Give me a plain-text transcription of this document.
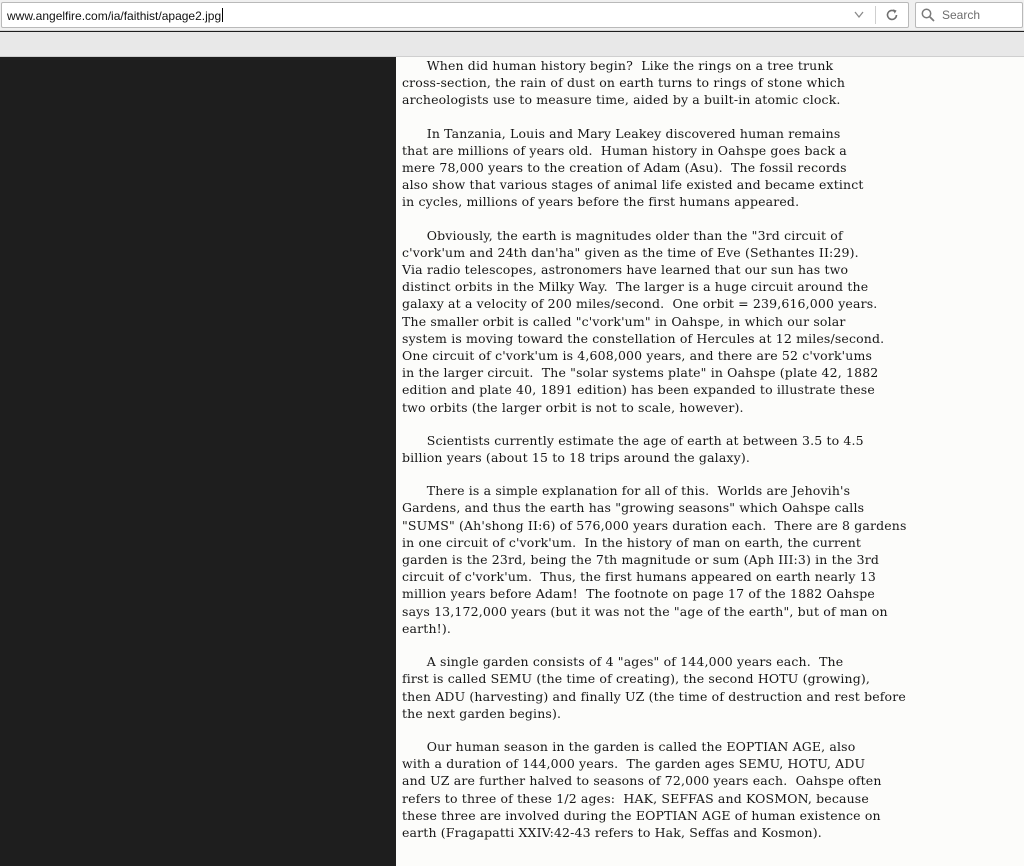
www.angelfire.com/ia/faithist/apage2.jpg	Search
When did human history begin?  Like the rings on a tree trunk
cross-section, the rain of dust on earth turns to rings of stone which
archeologists use to measure time, aided by a built-in atomic clock.
In Tanzania, Louis and Mary Leakey discovered human remains
that are millions of years old.  Human history in Oahspe goes back a
mere 78,000 years to the creation of Adam (Asu).  The fossil records
also show that various stages of animal life existed and became extinct
in cycles, millions of years before the first humans appeared.
Obviously, the earth is magnitudes older than the "3rd circuit of
c'vork'um and 24th dan'ha" given as the time of Eve (Sethantes II:29).
Via radio telescopes, astronomers have learned that our sun has two
distinct orbits in the Milky Way.  The larger is a huge circuit around the
galaxy at a velocity of 200 miles/second.  One orbit = 239,616,000 years.
The smaller orbit is called "c'vork'um" in Oahspe, in which our solar
system is moving toward the constellation of Hercules at 12 miles/second.
One circuit of c'vork'um is 4,608,000 years, and there are 52 c'vork'ums
in the larger circuit.  The "solar systems plate" in Oahspe (plate 42, 1882
edition and plate 40, 1891 edition) has been expanded to illustrate these
two orbits (the larger orbit is not to scale, however).
Scientists currently estimate the age of earth at between 3.5 to 4.5
billion years (about 15 to 18 trips around the galaxy).
There is a simple explanation for all of this.  Worlds are Jehovih's
Gardens, and thus the earth has "growing seasons" which Oahspe calls
"SUMS" (Ah'shong II:6) of 576,000 years duration each.  There are 8 gardens
in one circuit of c'vork'um.  In the history of man on earth, the current
garden is the 23rd, being the 7th magnitude or sum (Aph III:3) in the 3rd
circuit of c'vork'um.  Thus, the first humans appeared on earth nearly 13
million years before Adam!  The footnote on page 17 of the 1882 Oahspe
says 13,172,000 years (but it was not the "age of the earth", but of man on
earth!).
A single garden consists of 4 "ages" of 144,000 years each.  The
first is called SEMU (the time of creating), the second HOTU (growing),
then ADU (harvesting) and finally UZ (the time of destruction and rest before
the next garden begins).
Our human season in the garden is called the EOPTIAN AGE, also
with a duration of 144,000 years.  The garden ages SEMU, HOTU, ADU
and UZ are further halved to seasons of 72,000 years each.  Oahspe often
refers to three of these 1/2 ages:  HAK, SEFFAS and KOSMON, because
these three are involved during the EOPTIAN AGE of human existence on
earth (Fragapatti XXIV:42-43 refers to Hak, Seffas and Kosmon).
